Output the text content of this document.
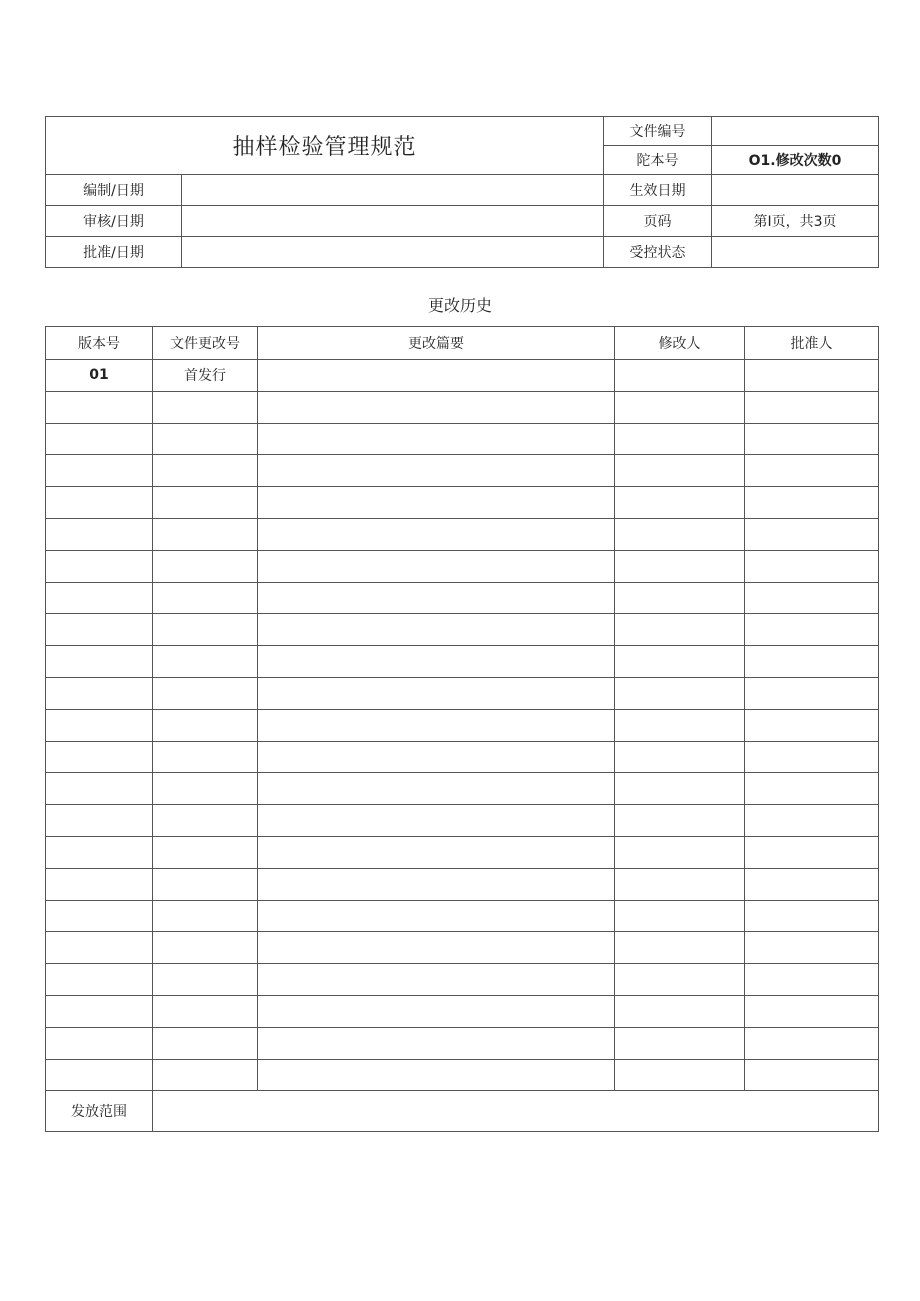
抽样检验管理规范		文件编号	
		陀本号	O1.修改次数0
编制/日期		生效日期	
审核/日期		页码	第I页，共3页
批准/日期		受控状态	
更改历史
版本号	文件更改号	更改篇要	修改人	批准人
01	首发行			

发放范围				
